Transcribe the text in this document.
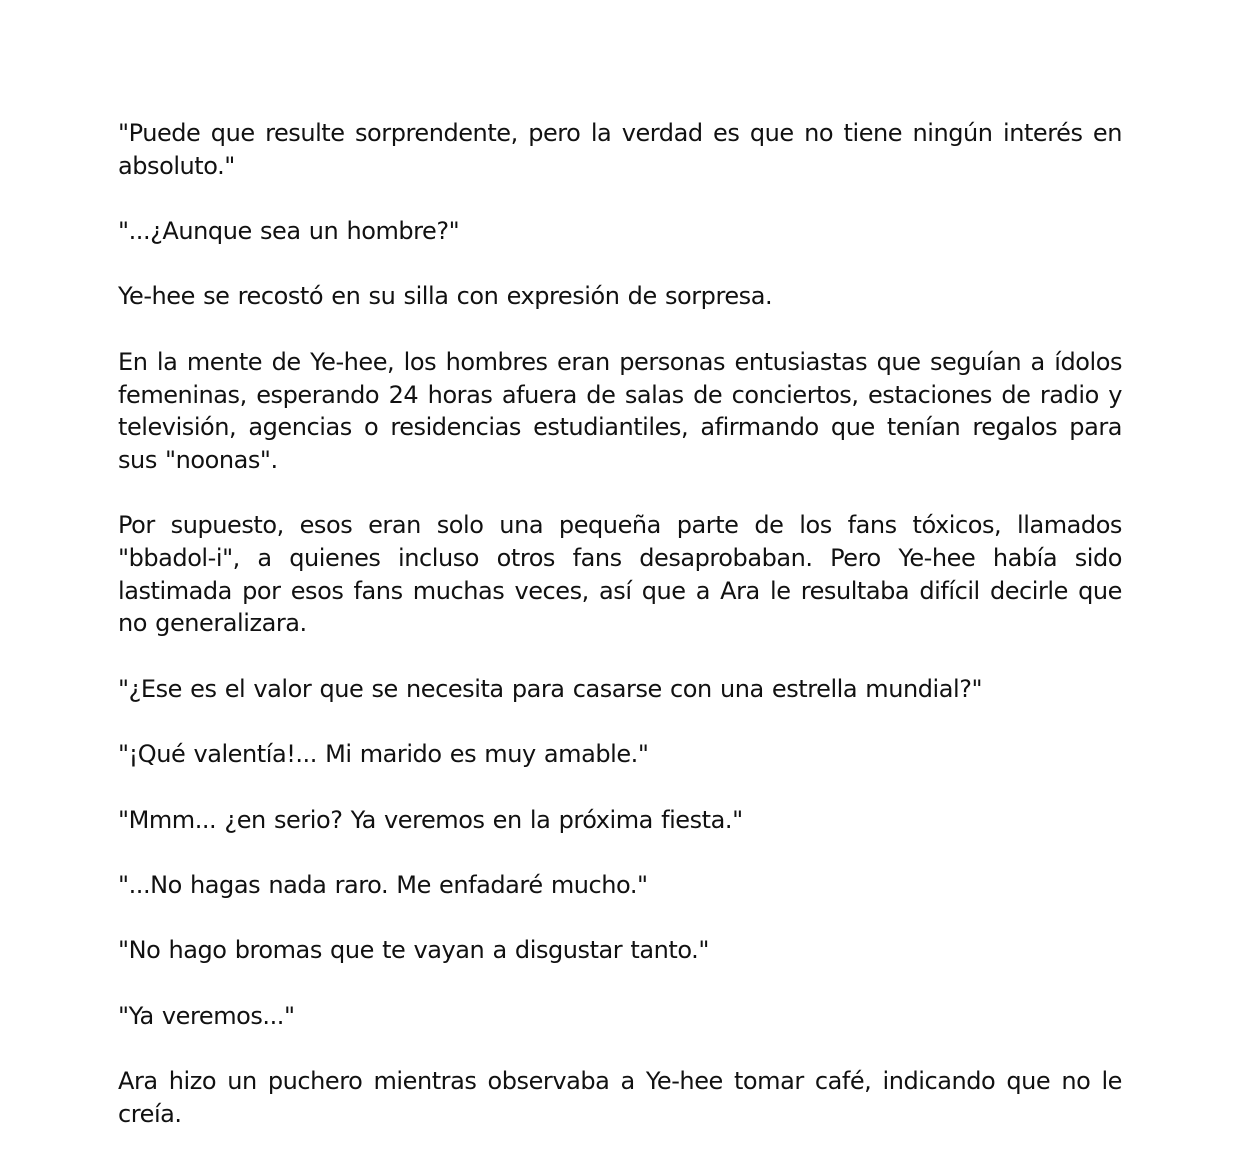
"Puede que resulte sorprendente, pero la verdad es que no tiene ningún interés en absoluto."

"...¿Aunque sea un hombre?"

Ye-hee se recostó en su silla con expresión de sorpresa.

En la mente de Ye-hee, los hombres eran personas entusiastas que seguían a ídolos femeninas, esperando 24 horas afuera de salas de conciertos, estaciones de radio y televisión, agencias o residencias estudiantiles, afirmando que tenían regalos para sus "noonas".

Por supuesto, esos eran solo una pequeña parte de los fans tóxicos, llamados "bbadol-i", a quienes incluso otros fans desaprobaban. Pero Ye-hee había sido lastimada por esos fans muchas veces, así que a Ara le resultaba difícil decirle que no generalizara.

"¿Ese es el valor que se necesita para casarse con una estrella mundial?"

"¡Qué valentía!... Mi marido es muy amable."

"Mmm... ¿en serio? Ya veremos en la próxima fiesta."

"...No hagas nada raro. Me enfadaré mucho."

"No hago bromas que te vayan a disgustar tanto."

"Ya veremos..."

Ara hizo un puchero mientras observaba a Ye-hee tomar café, indicando que no le creía.
